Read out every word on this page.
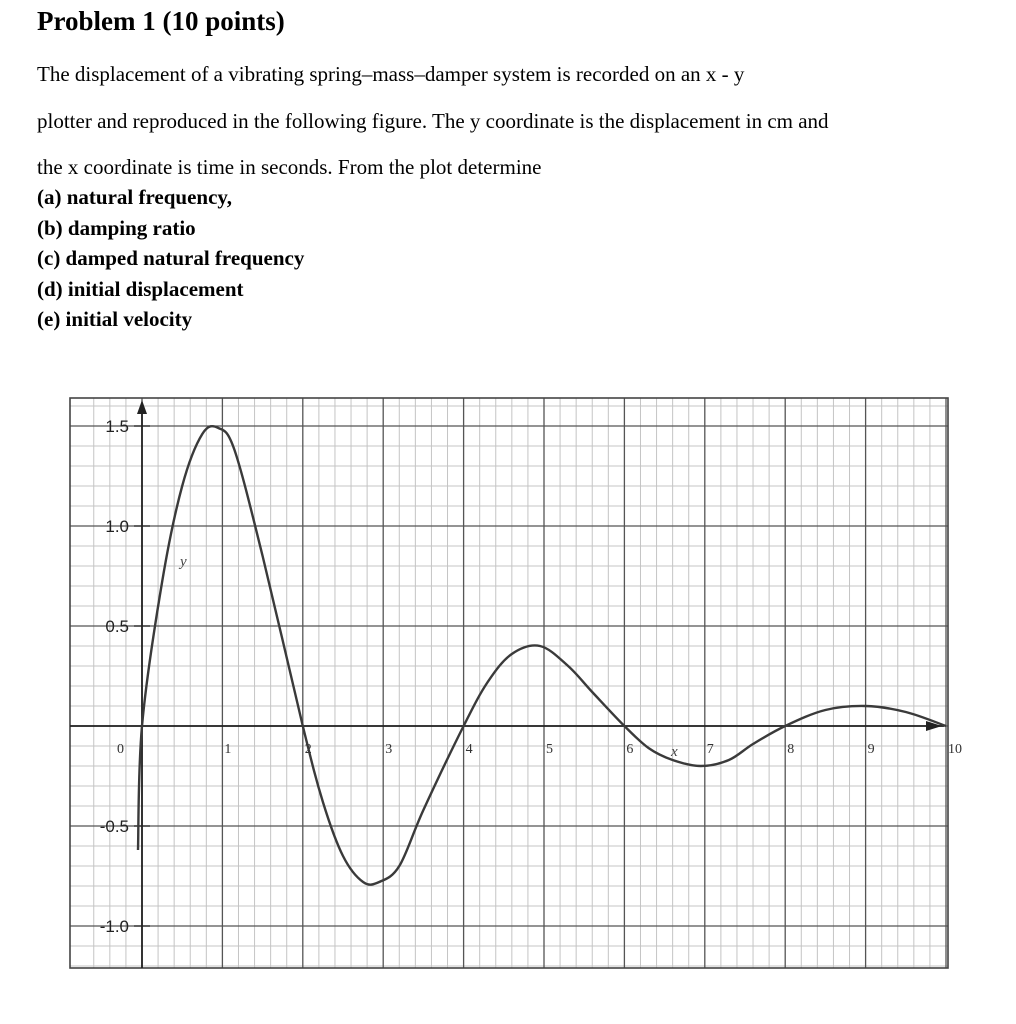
Problem 1 (10 points)
The displacement of a vibrating spring–mass–damper system is recorded on an x - y
plotter and reproduced in the following figure. The y coordinate is the displacement in cm and
the x coordinate is time in seconds. From the plot determine
(a) natural frequency,
(b) damping ratio
(c) damped natural frequency
(d) initial displacement
(e) initial velocity
0	1	2	3	4	5	6	7	8	9	10
1.5
1.0
0.5
-0.5
-1.0
y
x
